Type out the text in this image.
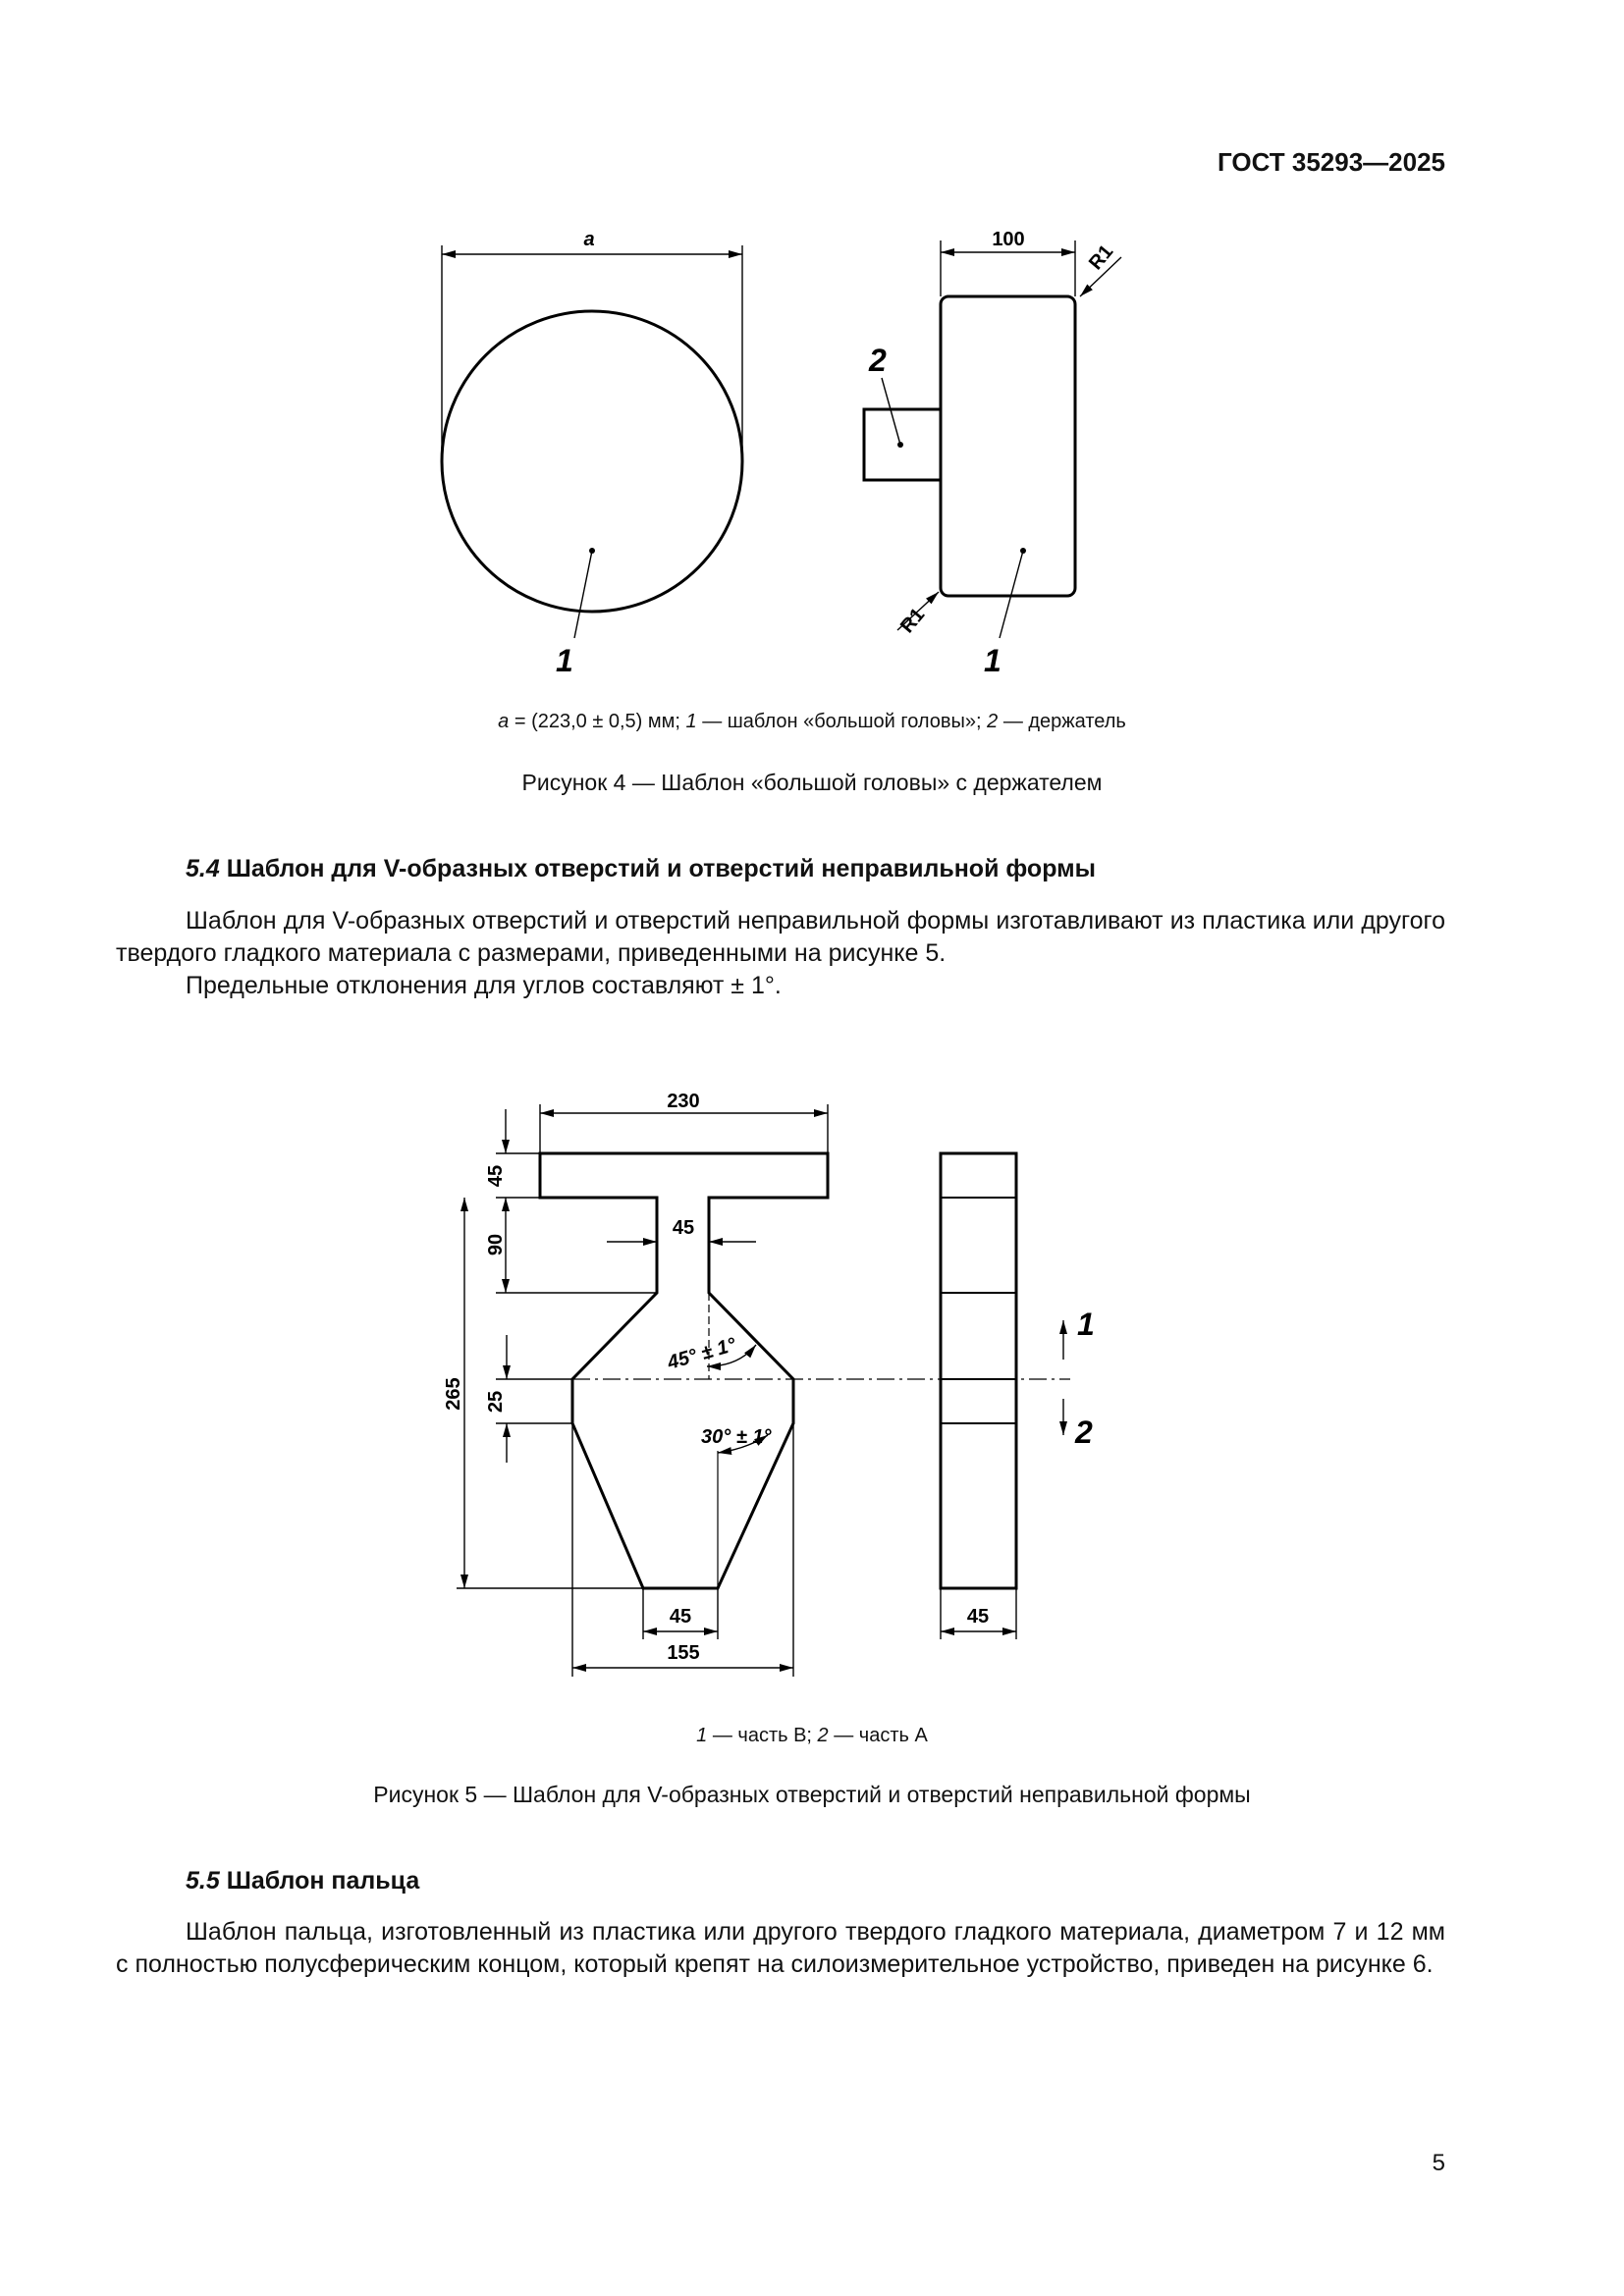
ГОСТ 35293—2025
a	100
R1
R1
1	1
2
a = (223,0 ± 0,5) мм; 1 — шаблон «большой головы»; 2 — держатель
Рисунок 4 — Шаблон «большой головы» с держателем
5.4 Шаблон для V-образных отверстий и отверстий неправильной формы
Шаблон для V-образных отверстий и отверстий неправильной формы изготавливают из пластика или другого твердого гладкого материала с размерами, приведенными на рисунке 5.
Предельные отклонения для углов составляют ± 1°.
230
45
90
45
265 25
45° ± 1°
30° ± 1°
45
155
45
1
2
1 — часть B; 2 — часть A
Рисунок 5 — Шаблон для V-образных отверстий и отверстий неправильной формы
5.5 Шаблон пальца
Шаблон пальца, изготовленный из пластика или другого твердого гладкого материала, диаметром 7 и 12 мм с полностью полусферическим концом, который крепят на силоизмерительное устройство, приведен на рисунке 6.
5
